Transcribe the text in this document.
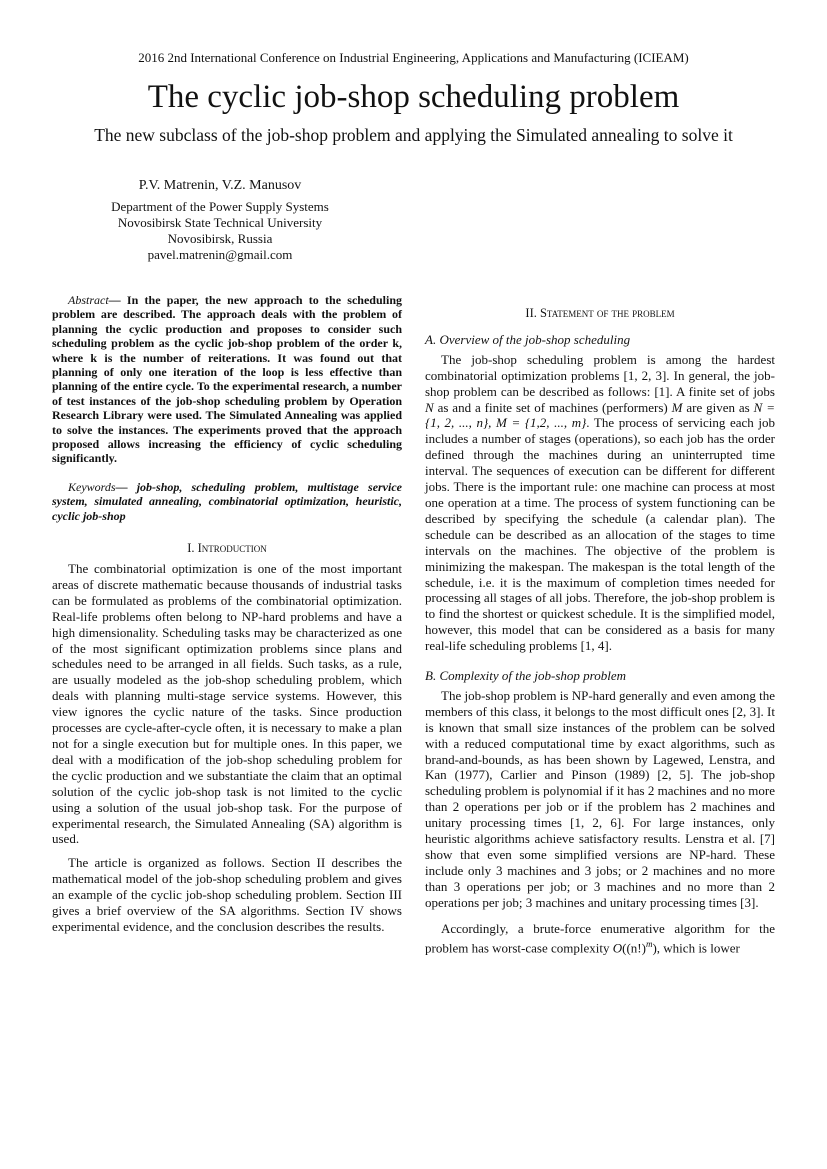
2016 2nd International Conference on Industrial Engineering, Applications and Manufacturing (ICIEAM)
The cyclic job-shop scheduling problem
The new subclass of the job-shop problem and applying the Simulated annealing to solve it
P.V. Matrenin, V.Z. Manusov
Department of the Power Supply Systems
Novosibirsk State Technical University
Novosibirsk, Russia
pavel.matrenin@gmail.com

Abstract— In the paper, the new approach to the scheduling problem are described. The approach deals with the problem of planning the cyclic production and proposes to consider such scheduling problem as the cyclic job-shop problem of the order k, where k is the number of reiterations. It was found out that planning of only one iteration of the loop is less effective than planning of the entire cycle. To the experimental research, a number of test instances of the job-shop scheduling problem by Operation Research Library were used. The Simulated Annealing was applied to solve the instances. The experiments proved that the approach proposed allows increasing the efficiency of cyclic scheduling significantly.

Keywords— job-shop, scheduling problem, multistage service system, simulated annealing, combinatorial optimization, heuristic, cyclic job-shop

I. Introduction

The combinatorial optimization is one of the most important areas of discrete mathematic because thousands of industrial tasks can be formulated as problems of the combinatorial optimization. Real-life problems often belong to NP-hard problems and have a high dimensionality. Scheduling tasks may be characterized as one of the most significant optimization problems since plans and schedules need to be arranged in all fields. Such tasks, as a rule, are usually modeled as the job-shop scheduling problem, which deals with planning multi-stage service systems. However, this view ignores the cyclic nature of the tasks. Since production processes are cycle-after-cycle often, it is necessary to make a plan not for a single execution but for multiple ones. In this paper, we deal with a modification of the job-shop scheduling problem for the cyclic production and we substantiate the claim that an optimal solution of the cyclic job-shop task is not limited to the cyclic using a solution of the usual job-shop task. For the purpose of experimental research, the Simulated Annealing (SA) algorithm is used.

The article is organized as follows. Section II describes the mathematical model of the job-shop scheduling problem and gives an example of the cyclic job-shop scheduling problem. Section III gives a brief overview of the SA algorithms. Section IV shows experimental evidence, and the conclusion describes the results.

II. Statement of the problem
A. Overview of the job-shop scheduling

The job-shop scheduling problem is among the hardest combinatorial optimization problems [1, 2, 3]. In general, the job-shop problem can be described as follows: [1]. A finite set of jobs N as and a finite set of machines (performers) M are given as N = {1, 2, ..., n}, M = {1,2, ..., m}. The process of servicing each job includes a number of stages (operations), so each job has the order defined through the machines during an uninterrupted time interval. The sequences of execution can be different for different jobs. There is the important rule: one machine can process at most one operation at a time. The process of system functioning can be described by specifying the schedule (a calendar plan). The schedule can be described as an allocation of the stages to time intervals on the machines. The objective of the problem is minimizing the makespan. The makespan is the total length of the schedule, i.e. it is the maximum of completion times needed for processing all stages of all jobs. Therefore, the job-shop problem is to find the shortest or quickest schedule. It is the simplified model, however, this model that can be considered as a basis for many real-life scheduling problems [1, 4].

B. Complexity of the job-shop problem

The job-shop problem is NP-hard generally and even among the members of this class, it belongs to the most difficult ones [2, 3]. It is known that small size instances of the problem can be solved with a reduced computational time by exact algorithms, such as brand-and-bounds, as has been shown by Lagewed, Lenstra, and Kan (1977), Carlier and Pinson (1989) [2, 5]. The job-shop scheduling problem is polynomial if it has 2 machines and no more than 2 operations per job or if the problem has 2 machines and unitary processing times [1, 2, 6]. For large instances, only heuristic algorithms achieve satisfactory results. Lenstra et al. [7] show that even some simplified versions are NP-hard. These include only 3 machines and 3 jobs; or 2 machines and no more than 3 operations per job; or 3 machines and no more than 2 operations per job; 3 machines and unitary processing times [3].

Accordingly, a brute-force enumerative algorithm for the problem has worst-case complexity $O((n!)^m)$, which is lower
